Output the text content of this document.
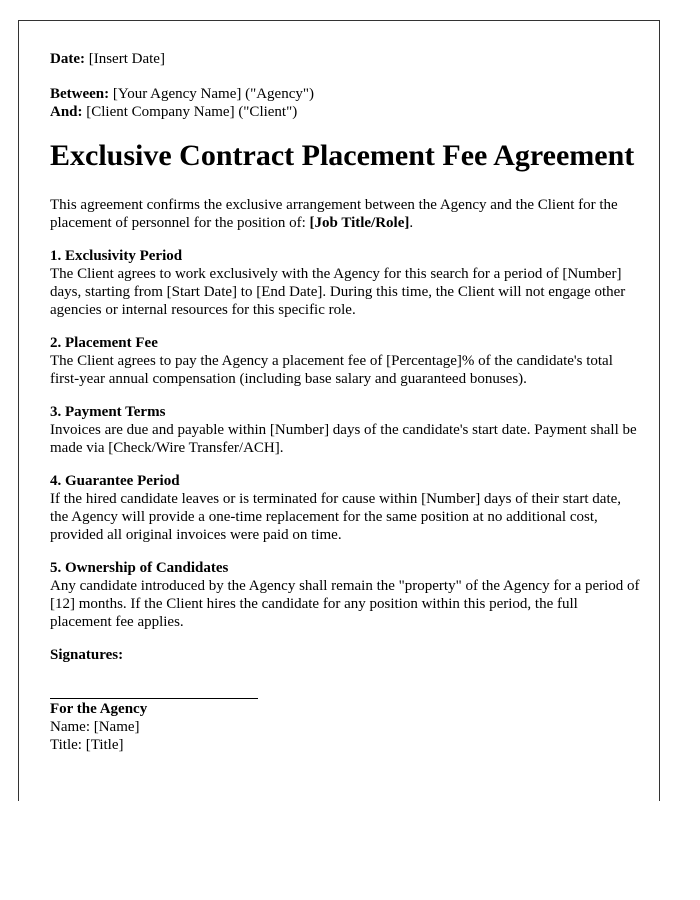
Date: [Insert Date]

Between: [Your Agency Name] ("Agency")

And: [Client Company Name] ("Client")

Exclusive Contract Placement Fee Agreement

This agreement confirms the exclusive arrangement between the Agency and the Client for the placement of personnel for the position of: [Job Title/Role].

1. Exclusivity Period

The Client agrees to work exclusively with the Agency for this search for a period of [Number] days, starting from [Start Date] to [End Date]. During this time, the Client will not engage other agencies or internal resources for this specific role.

2. Placement Fee

The Client agrees to pay the Agency a placement fee of [Percentage]% of the candidate's total first-year annual compensation (including base salary and guaranteed bonuses).

3. Payment Terms

Invoices are due and payable within [Number] days of the candidate's start date. Payment shall be made via [Check/Wire Transfer/ACH].

4. Guarantee Period

If the hired candidate leaves or is terminated for cause within [Number] days of their start date, the Agency will provide a one-time replacement for the same position at no additional cost, provided all original invoices were paid on time.

5. Ownership of Candidates

Any candidate introduced by the Agency shall remain the "property" of the Agency for a period of [12] months. If the Client hires the candidate for any position within this period, the full placement fee applies.

Signatures:

For the Agency

Name: [Name]

Title: [Title]
